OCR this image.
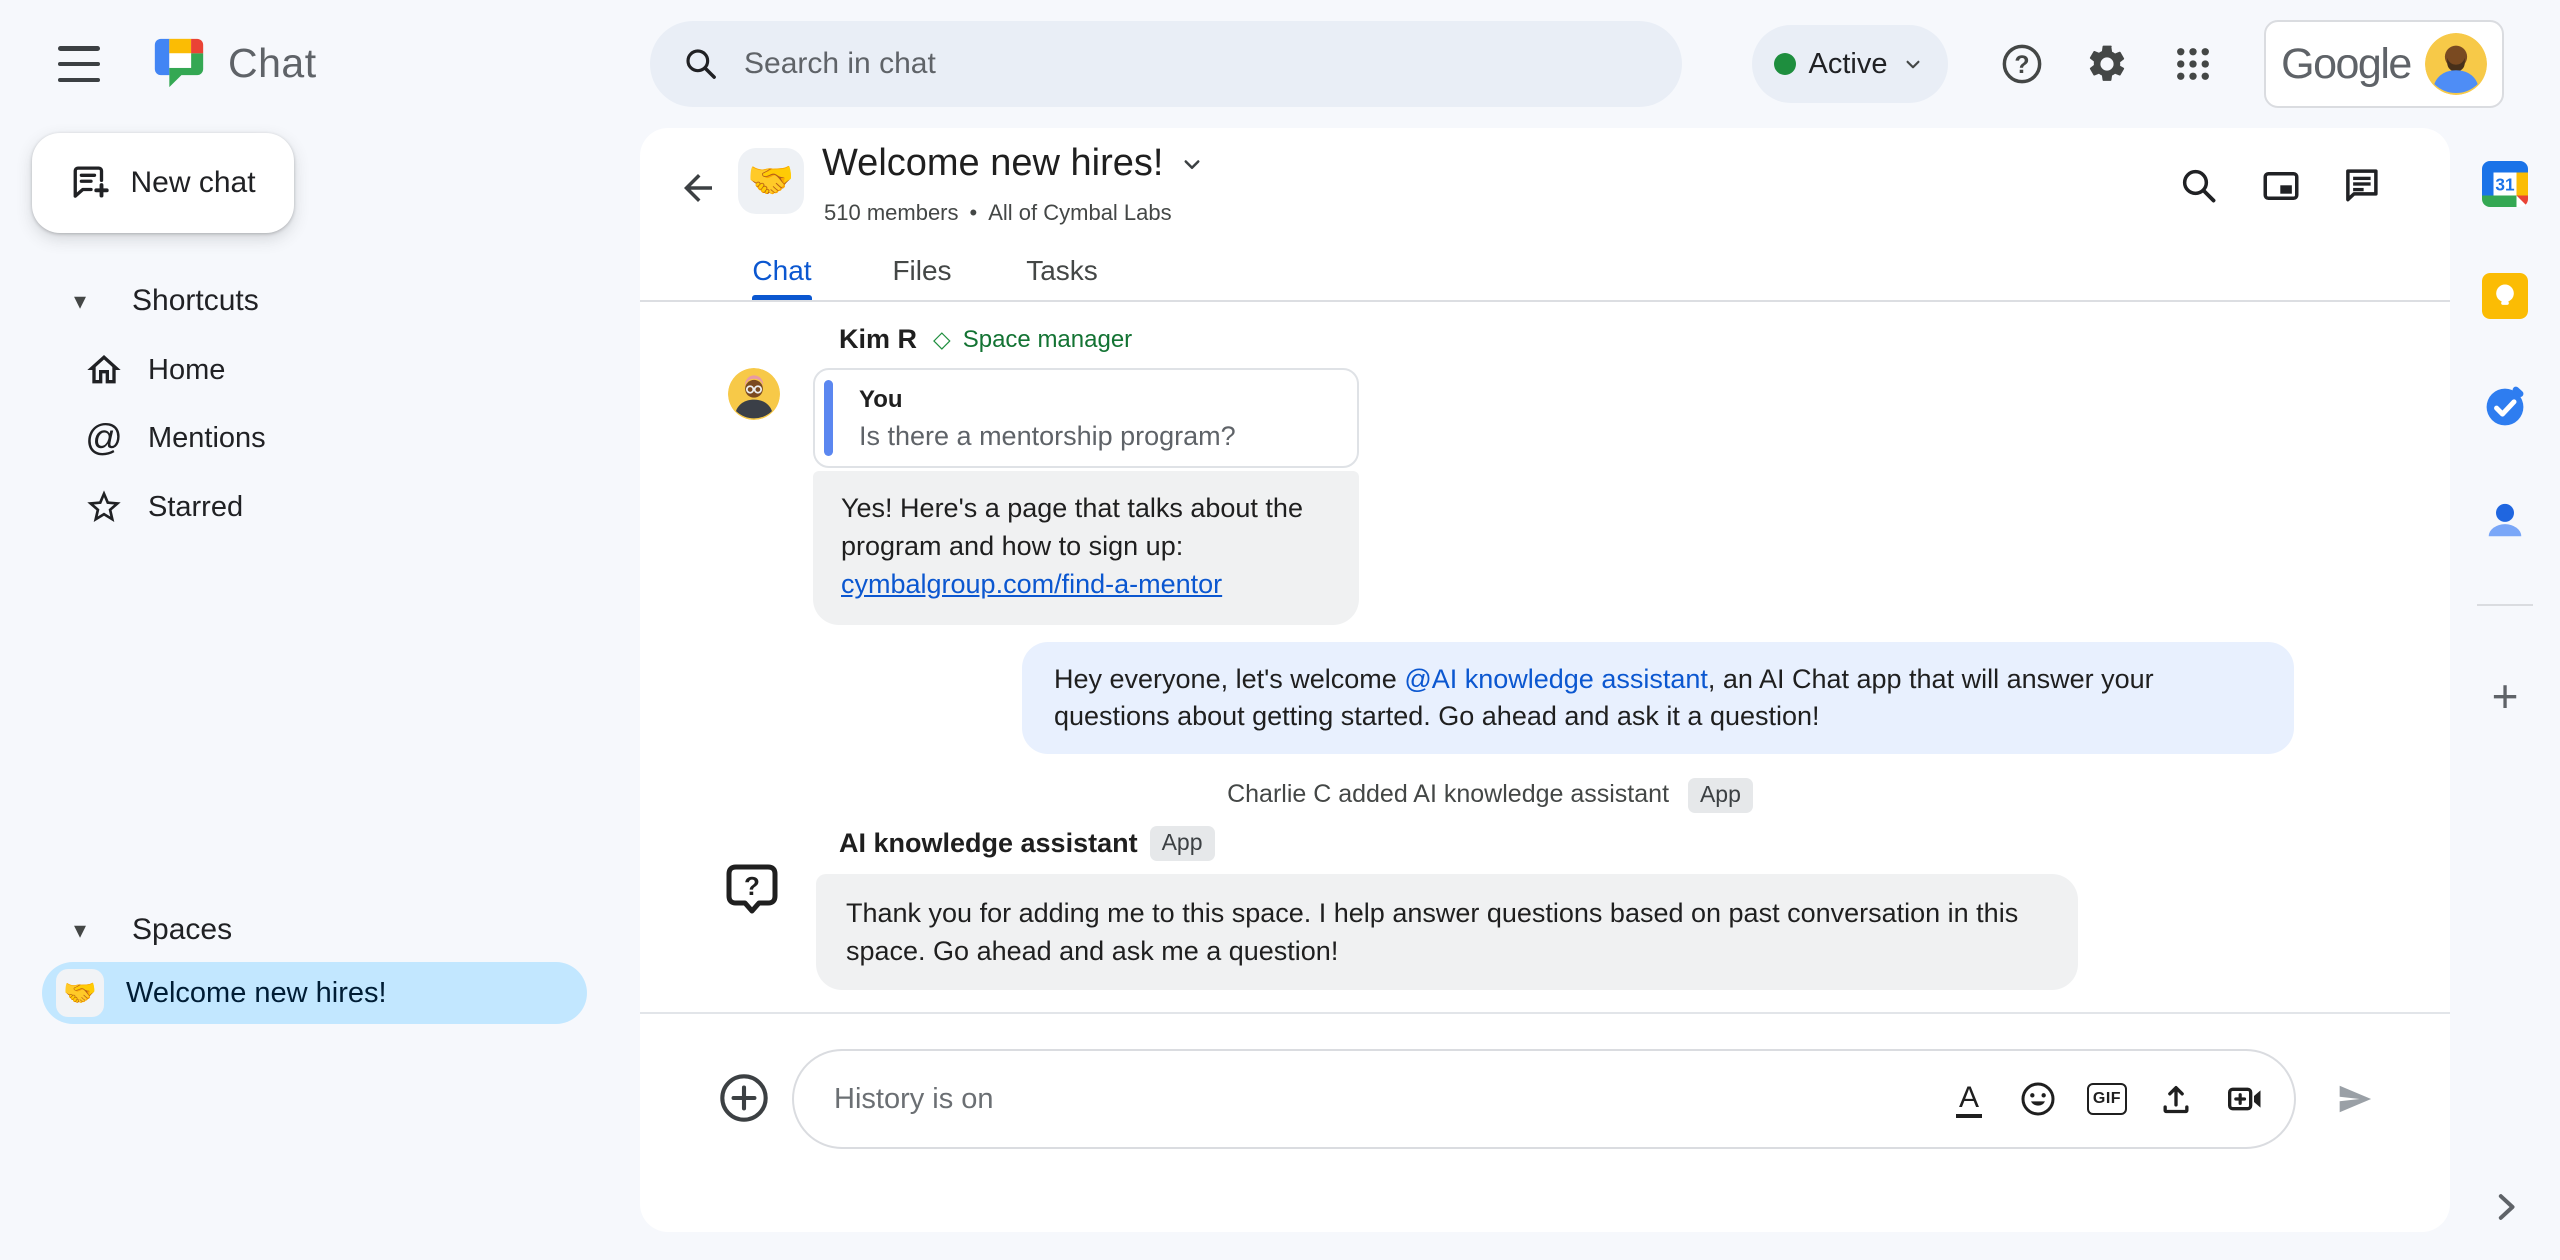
Chat	Search in chat	Active	?	Google
New chat
▾	Shortcuts
Home
@ Mentions
Starred
▾	Spaces
🤝 Welcome new hires!
🤝 Welcome new hires!
510 members • All of Cymbal Labs
Chat	Files	Tasks
Kim R ◇ Space manager
You
Is there a mentorship program?
Yes! Here's a page that talks about the program and how to sign up:
cymbalgroup.com/find-a-mentor
Hey everyone, let's welcome @AI knowledge assistant, an AI Chat app that will answer your questions about getting started. Go ahead and ask it a question!
Charlie C added AI knowledge assistant App
AI knowledge assistant	App
?
Thank you for adding me to this space. I help answer questions based on past conversation in this space. Go ahead and ask me a question!
History is on
A	GIF
31
+
